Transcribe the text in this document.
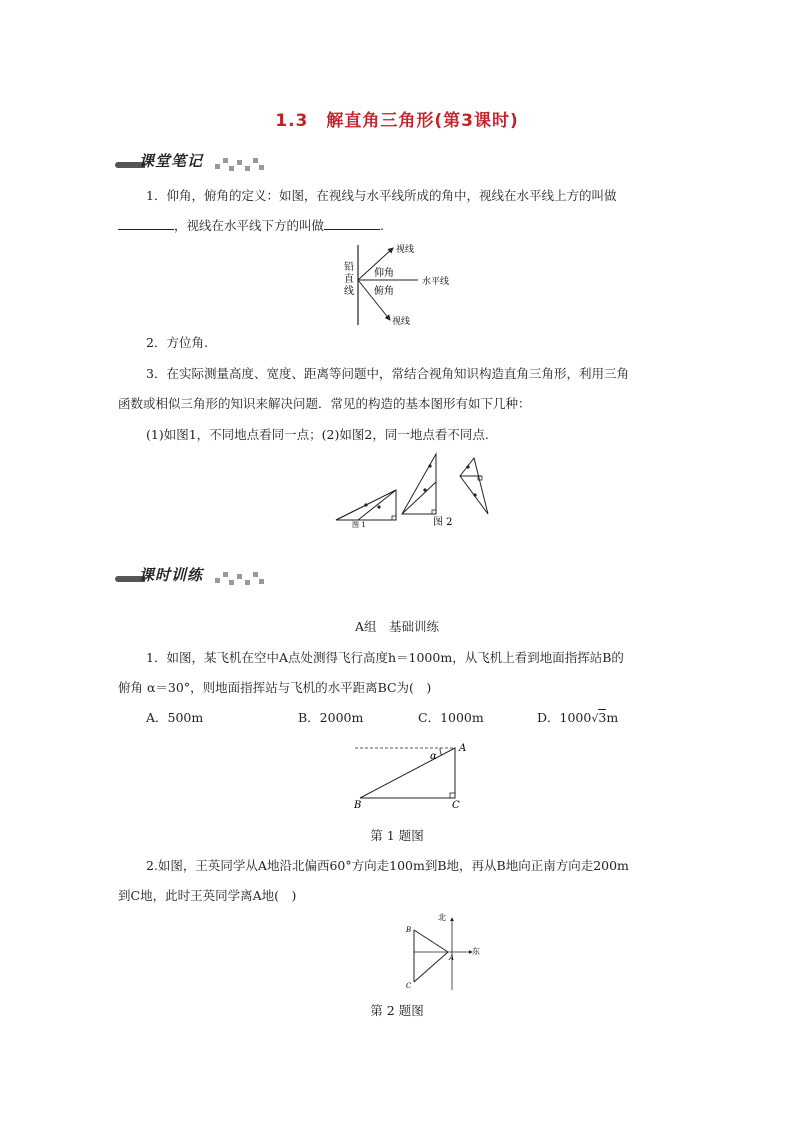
1.3　解直角三角形(第3课时)
课堂笔记
1．仰角，俯角的定义：如图，在视线与水平线所成的角中，视线在水平线上方的叫做
，视线在水平线下方的叫做	.
铅
直
线
视线
仰角
水平线
俯角
视线
2．方位角.
3．在实际测量高度、宽度、距离等问题中，常结合视角知识构造直角三角形，利用三角
函数或相似三角形的知识来解决问题．常见的构造的基本图形有如下几种：
(1)如图1，不同地点看同一点；(2)如图2，同一地点看不同点.
图 1	图 2
课时训练
A组　基础训练
1．如图，某飞机在空中A点处测得飞行高度h＝1000m，从飞机上看到地面指挥站B的
俯角 α＝30°，则地面指挥站与飞机的水平距离BC为(　)
A．500m	B．2000m	C．1000m	D．1000√3m
α
A
B	C
第 1 题图
2.如图，王英同学从A地沿北偏西60°方向走100m到B地，再从B地向正南方向走200m
到C地，此时王英同学离A地(　)
北
东
B
C
A
第 2 题图
